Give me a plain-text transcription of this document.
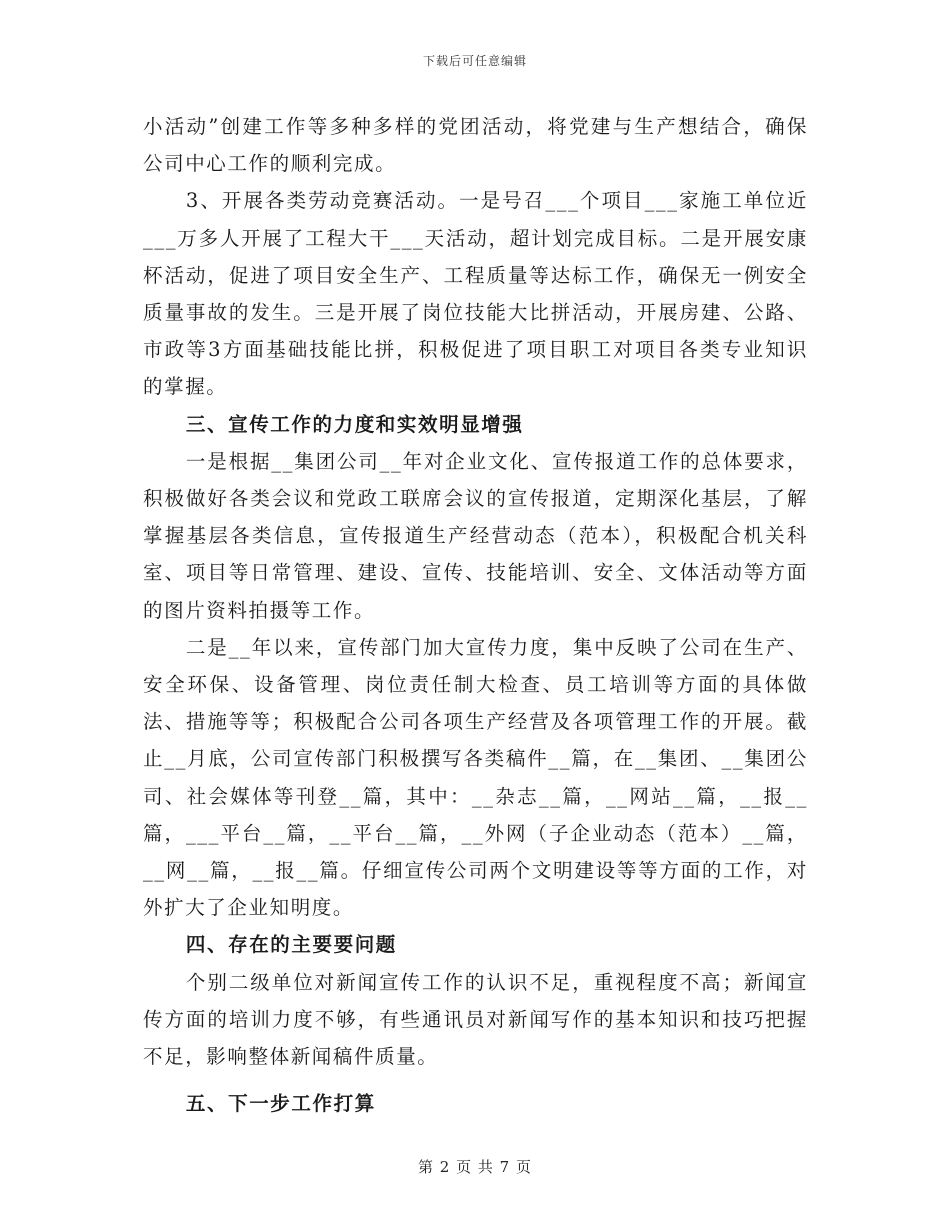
下载后可任意编辑

小活动”创建工作等多种多样的党团活动，将党建与生产想结合，确保公司中心工作的顺利完成。

3、开展各类劳动竞赛活动。一是号召___个项目___家施工单位近___万多人开展了工程大干___天活动，超计划完成目标。二是开展安康杯活动，促进了项目安全生产、工程质量等达标工作，确保无一例安全质量事故的发生。三是开展了岗位技能大比拼活动，开展房建、公路、市政等3方面基础技能比拼，积极促进了项目职工对项目各类专业知识的掌握。

三、宣传工作的力度和实效明显增强

一是根据__集团公司__年对企业文化、宣传报道工作的总体要求，积极做好各类会议和党政工联席会议的宣传报道，定期深化基层，了解掌握基层各类信息，宣传报道生产经营动态（范本），积极配合机关科室、项目等日常管理、建设、宣传、技能培训、安全、文体活动等方面的图片资料拍摄等工作。

二是__年以来，宣传部门加大宣传力度，集中反映了公司在生产、安全环保、设备管理、岗位责任制大检查、员工培训等方面的具体做法、措施等等；积极配合公司各项生产经营及各项管理工作的开展。截止__月底，公司宣传部门积极撰写各类稿件__篇，在__集团、__集团公司、社会媒体等刊登__篇，其中：__杂志__篇，__网站__篇，__报__篇，___平台__篇，__平台__篇，__外网（子企业动态（范本）__篇，__网__篇，__报__篇。仔细宣传公司两个文明建设等等方面的工作，对外扩大了企业知明度。

四、存在的主要要问题

个别二级单位对新闻宣传工作的认识不足，重视程度不高；新闻宣传方面的培训力度不够，有些通讯员对新闻写作的基本知识和技巧把握不足，影响整体新闻稿件质量。

五、下一步工作打算

第 2 页 共 7 页
